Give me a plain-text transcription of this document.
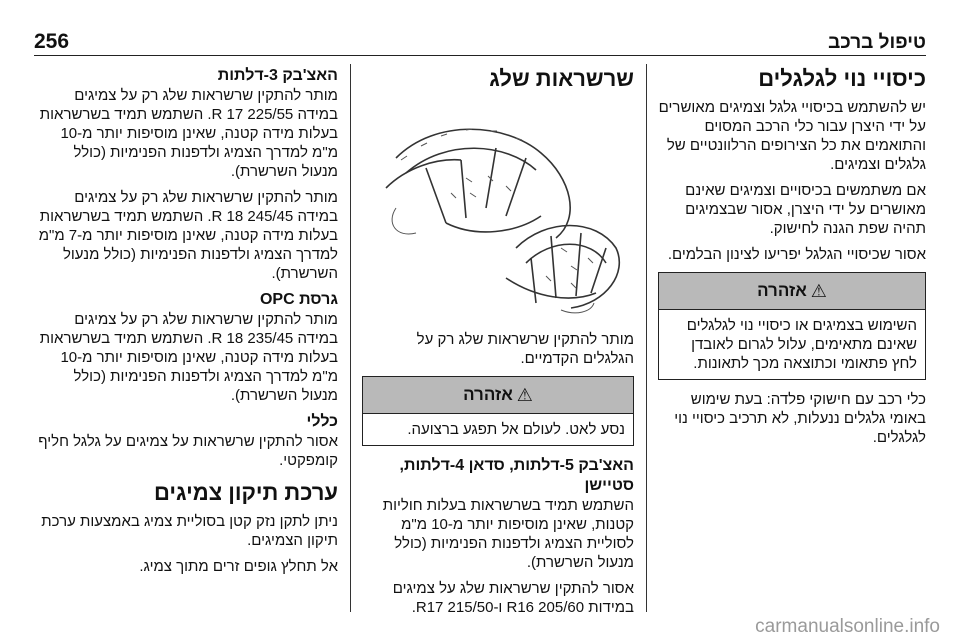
256	טיפול ברכב
כיסויי נוי לגלגלים

יש להשתמש בכיסויי גלגל וצמיגים מאושרים על ידי היצרן עבור כלי הרכב המסוים והתואמים את כל הצירופים הרלוונטיים של גלגלים וצמיגים.

אם משתמשים בכיסויים וצמיגים שאינם מאושרים על ידי היצרן, אסור שבצמיגים תהיה שפת הגנה לחישוק.

אסור שכיסויי הגלגל יפריעו לצינון הבלמים.

⚠
אזהרה
השימוש בצמיגים או כיסויי נוי לגלגלים שאינם מתאימים, עלול לגרום לאובדן לחץ פתאומי וכתוצאה מכך לתאונות.

כלי רכב עם חישוקי פלדה: בעת שימוש באומי גלגלים ננעלות, לא תרכיב כיסויי נוי לגלגלים.

שרשראות שלג

מותר להתקין שרשראות שלג רק על הגלגלים הקדמיים.

⚠
אזהרה
נסע לאט. לעולם אל תפגע ברצועה.
האצ'בק 5-דלתות, סדאן 4-דלתות, סטיישן

השתמש תמיד בשרשראות בעלות חוליות קטנות, שאינן מוסיפות יותר מ-10 מ"מ לסוליית הצמיג ולדפנות הפנימיות (כולל מנעול השרשרת).

אסור להתקין שרשראות שלג על צמיגים במידות R16 205/60 ו-R17 215/50.

האצ'בק 3-דלתות

מותר להתקין שרשראות שלג רק על צמיגים במידה R 17 225/55. השתמש תמיד בשרשראות בעלות מידה קטנה, שאינן מוסיפות יותר מ-10 מ"מ למדרך הצמיג ולדפנות הפנימיות (כולל מנעול השרשרת).

מותר להתקין שרשראות שלג רק על צמיגים במידה R 18 245/45. השתמש תמיד בשרשראות בעלות מידה קטנה, שאינן מוסיפות יותר מ-7 מ"מ למדרך הצמיג ולדפנות הפנימיות (כולל מנעול השרשרת).

גרסת OPC

מותר להתקין שרשראות שלג רק על צמיגים במידה R 18 235/45. השתמש תמיד בשרשראות בעלות מידה קטנה, שאינן מוסיפות יותר מ-10 מ"מ למדרך הצמיג ולדפנות הפנימיות (כולל מנעול השרשרת).

כללי

אסור להתקין שרשראות על צמיגים על גלגל חליף קומפקטי.

ערכת תיקון צמיגים

ניתן לתקן נזק קטן בסוליית צמיג באמצעות ערכת תיקון הצמיגים.

אל תחלץ גופים זרים מתוך צמיג.

carmanualsonline.info
